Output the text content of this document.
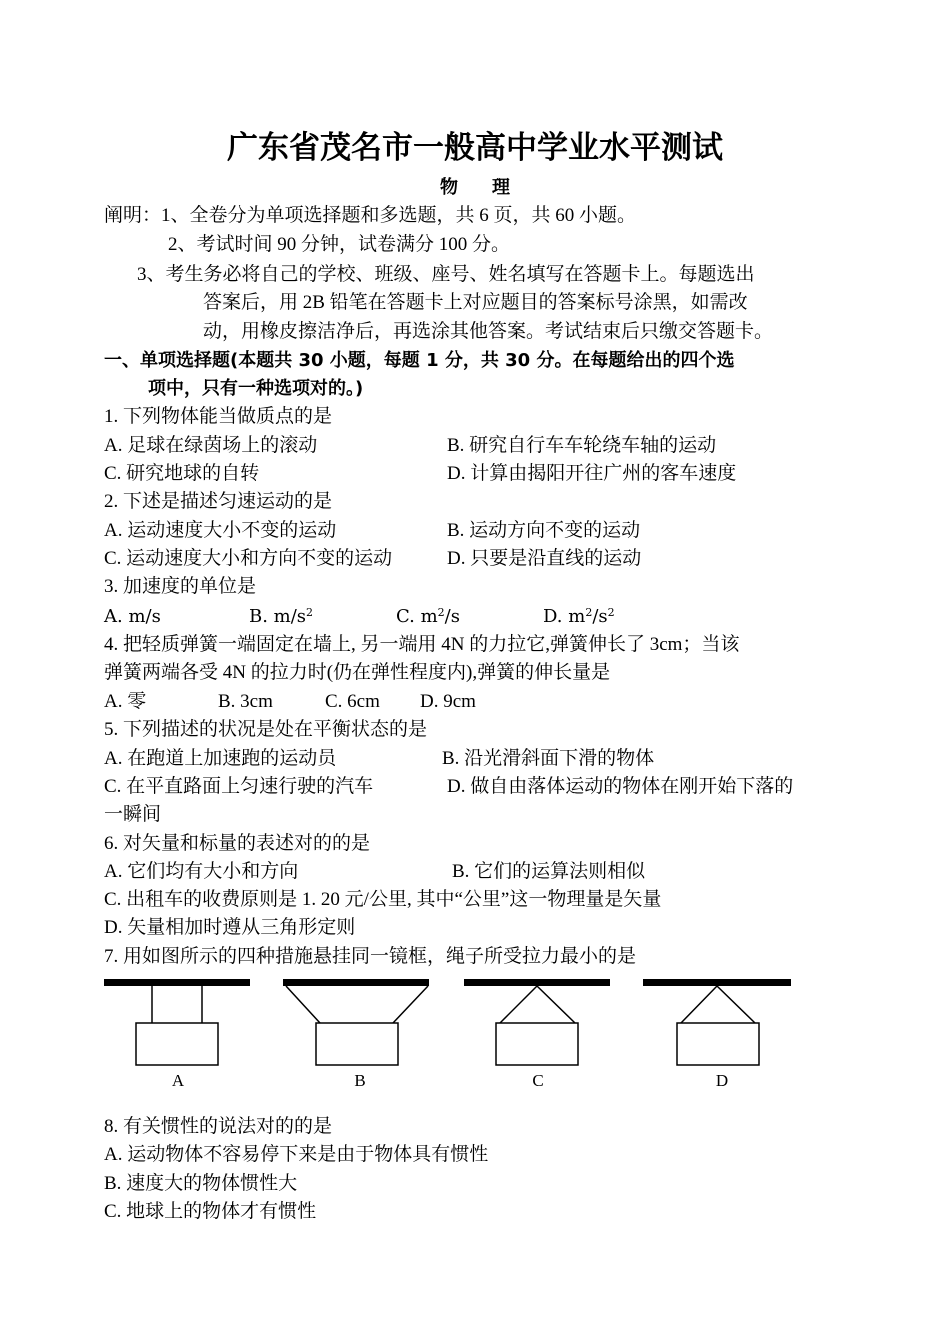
广东省茂名市一般高中学业水平测试
物理
阐明：1、全卷分为单项选择题和多选题，共 6 页，共 60 小题。
2、考试时间 90 分钟，试卷满分 100 分。
3、考生务必将自己的学校、班级、座号、姓名填写在答题卡上。每题选出
答案后，用 2B 铅笔在答题卡上对应题目的答案标号涂黑，如需改
动，用橡皮擦洁净后，再选涂其他答案。考试结束后只缴交答题卡。
一、单项选择题(本题共 30 小题，每题 1 分，共 30 分。在每题给出的四个选
项中，只有一种选项对的。)
1. 下列物体能当做质点的是
A. 足球在绿茵场上的滚动	B. 研究自行车车轮绕车轴的运动
C. 研究地球的自转	D. 计算由揭阳开往广州的客车速度
2. 下述是描述匀速运动的是
A. 运动速度大小不变的运动	B. 运动方向不变的运动
C. 运动速度大小和方向不变的运动	D. 只要是沿直线的运动
3. 加速度的单位是
A. m/s	B. $m/s^2$	C. $m^2/s$	D. $m^2/s^2$
4. 把轻质弹簧一端固定在墙上, 另一端用 4N 的力拉它,弹簧伸长了 3cm；当该
弹簧两端各受 4N 的拉力时(仍在弹性程度内),弹簧的伸长量是
A. 零	B. 3cm	C. 6cm D. 9cm
5. 下列描述的状况是处在平衡状态的是
A. 在跑道上加速跑的运动员	B. 沿光滑斜面下滑的物体
C. 在平直路面上匀速行驶的汽车	D. 做自由落体运动的物体在刚开始下落的
一瞬间
6. 对矢量和标量的表述对的的是
A. 它们均有大小和方向	B. 它们的运算法则相似
C. 出租车的收费原则是 1. 20 元/公里, 其中“公里”这一物理量是矢量
D. 矢量相加时遵从三角形定则
7. 用如图所示的四种措施悬挂同一镜框，绳子所受拉力最小的是
A	B	C	D
8. 有关惯性的说法对的的是
A. 运动物体不容易停下来是由于物体具有惯性
B. 速度大的物体惯性大
C. 地球上的物体才有惯性
